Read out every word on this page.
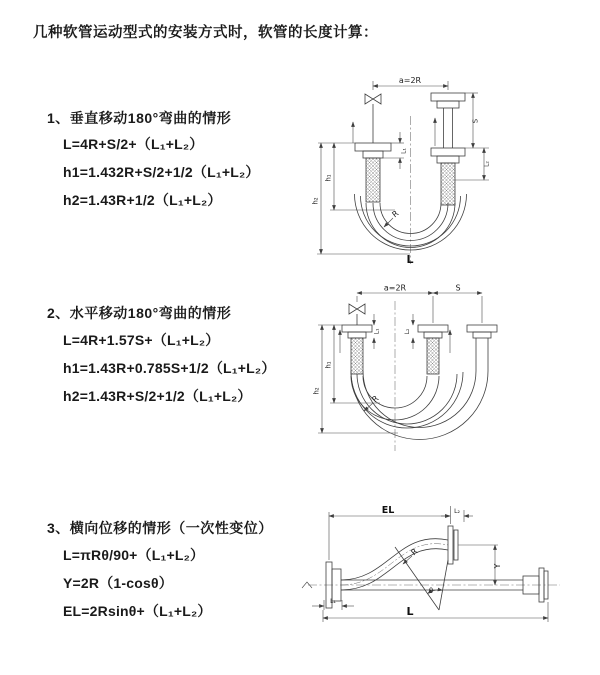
几种软管运动型式的安装方式时，软管的长度计算：
1、垂直移动180°弯曲的情形
L=4R+S/2+（L₁+L₂）
h1=1.432R+S/2+1/2（L₁+L₂）
h2=1.43R+1/2（L₁+L₂）
2、水平移动180°弯曲的情形
L=4R+1.57S+（L₁+L₂）
h1=1.43R+0.785S+1/2（L₁+L₂）
h2=1.43R+S/2+1/2（L₁+L₂）
3、横向位移的情形（一次性变位）
L=πRθ/90+（L₁+L₂）
Y=2R（1-cosθ）
EL=2Rsinθ+（L₁+L₂）
a=2R
L₁
S
L₂
h₁
h₂
R
L
a=2R	S
L₁	L₂
h₁
h₂
R
EL	L₂
Y
R
θ
L₁
L
